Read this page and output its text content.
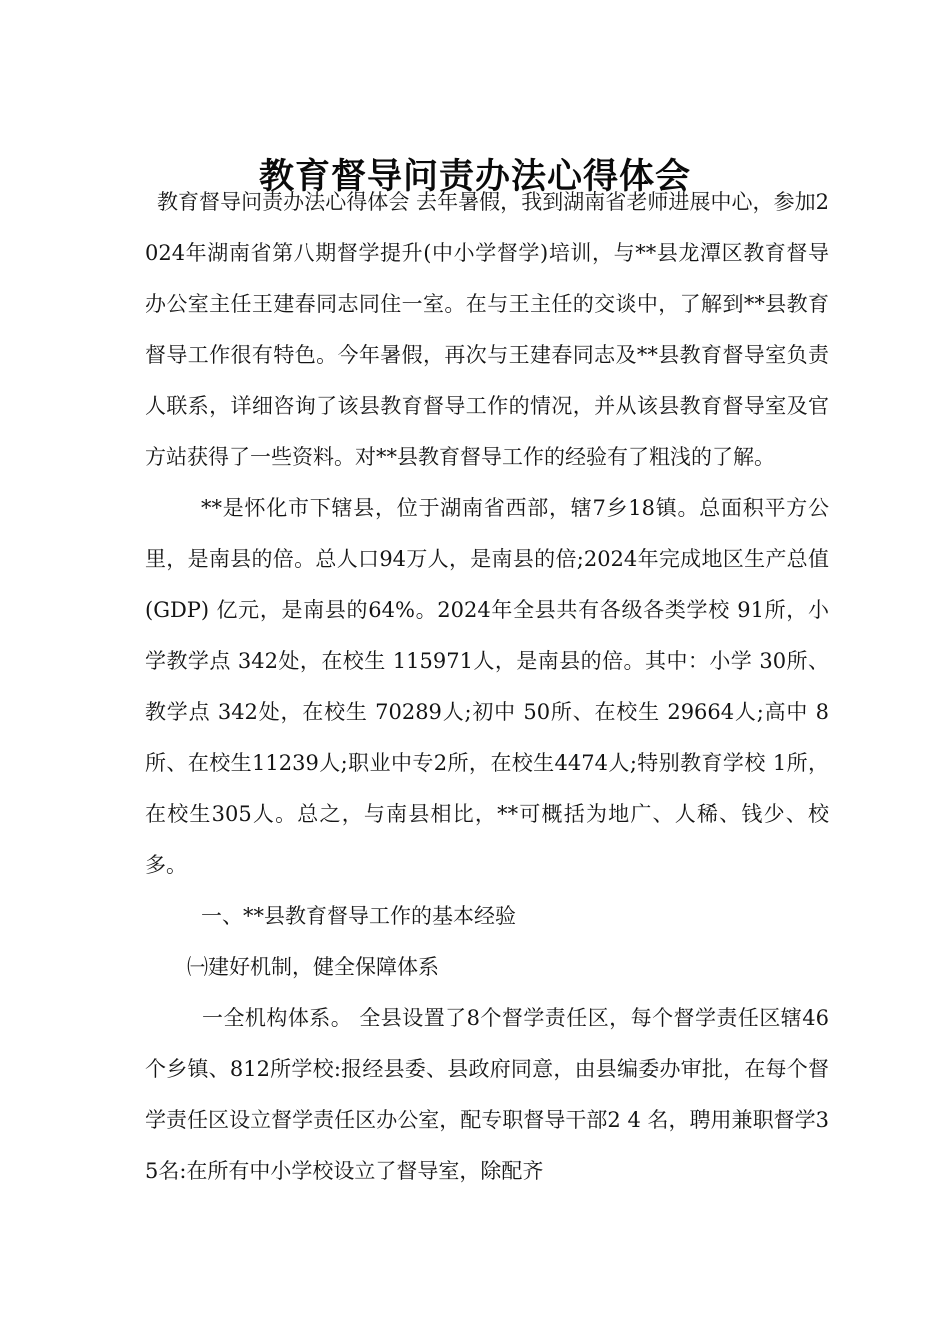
教育督导问责办法心得体会

教育督导问责办法心得体会 去年暑假，我到湖南省老师进展中心，参加2024年湖南省第八期督学提升(中小学督学)培训，与**县龙潭区教育督导办公室主任王建春同志同住一室。在与王主任的交谈中，了解到**县教育督导工作很有特色。今年暑假，再次与王建春同志及**县教育督导室负责人联系，详细咨询了该县教育督导工作的情况，并从该县教育督导室及官方站获得了一些资料。对**县教育督导工作的经验有了粗浅的了解。

**是怀化市下辖县，位于湖南省西部，辖7乡18镇。总面积平方公里，是南县的倍。总人口94万人，是南县的倍;2024年完成地区生产总值(GDP) 亿元，是南县的64%。2024年全县共有各级各类学校 91所，小学教学点 342处，在校生 115971人，是南县的倍。其中：小学 30所、教学点 342处，在校生 70289人;初中 50所、在校生 29664人;高中 8所、在校生11239人;职业中专2所，在校生4474人;特别教育学校 1所，在校生305人。总之，与南县相比，**可概括为地广、人稀、钱少、校多。

一、**县教育督导工作的基本经验

㈠建好机制，健全保障体系

一全机构体系。 全县设置了8个督学责任区，每个督学责任区辖46个乡镇、812所学校:报经县委、县政府同意，由县编委办审批，在每个督学责任区设立督学责任区办公室，配专职督导干部2 4 名，聘用兼职督学35名:在所有中小学校设立了督导室，除配齐
